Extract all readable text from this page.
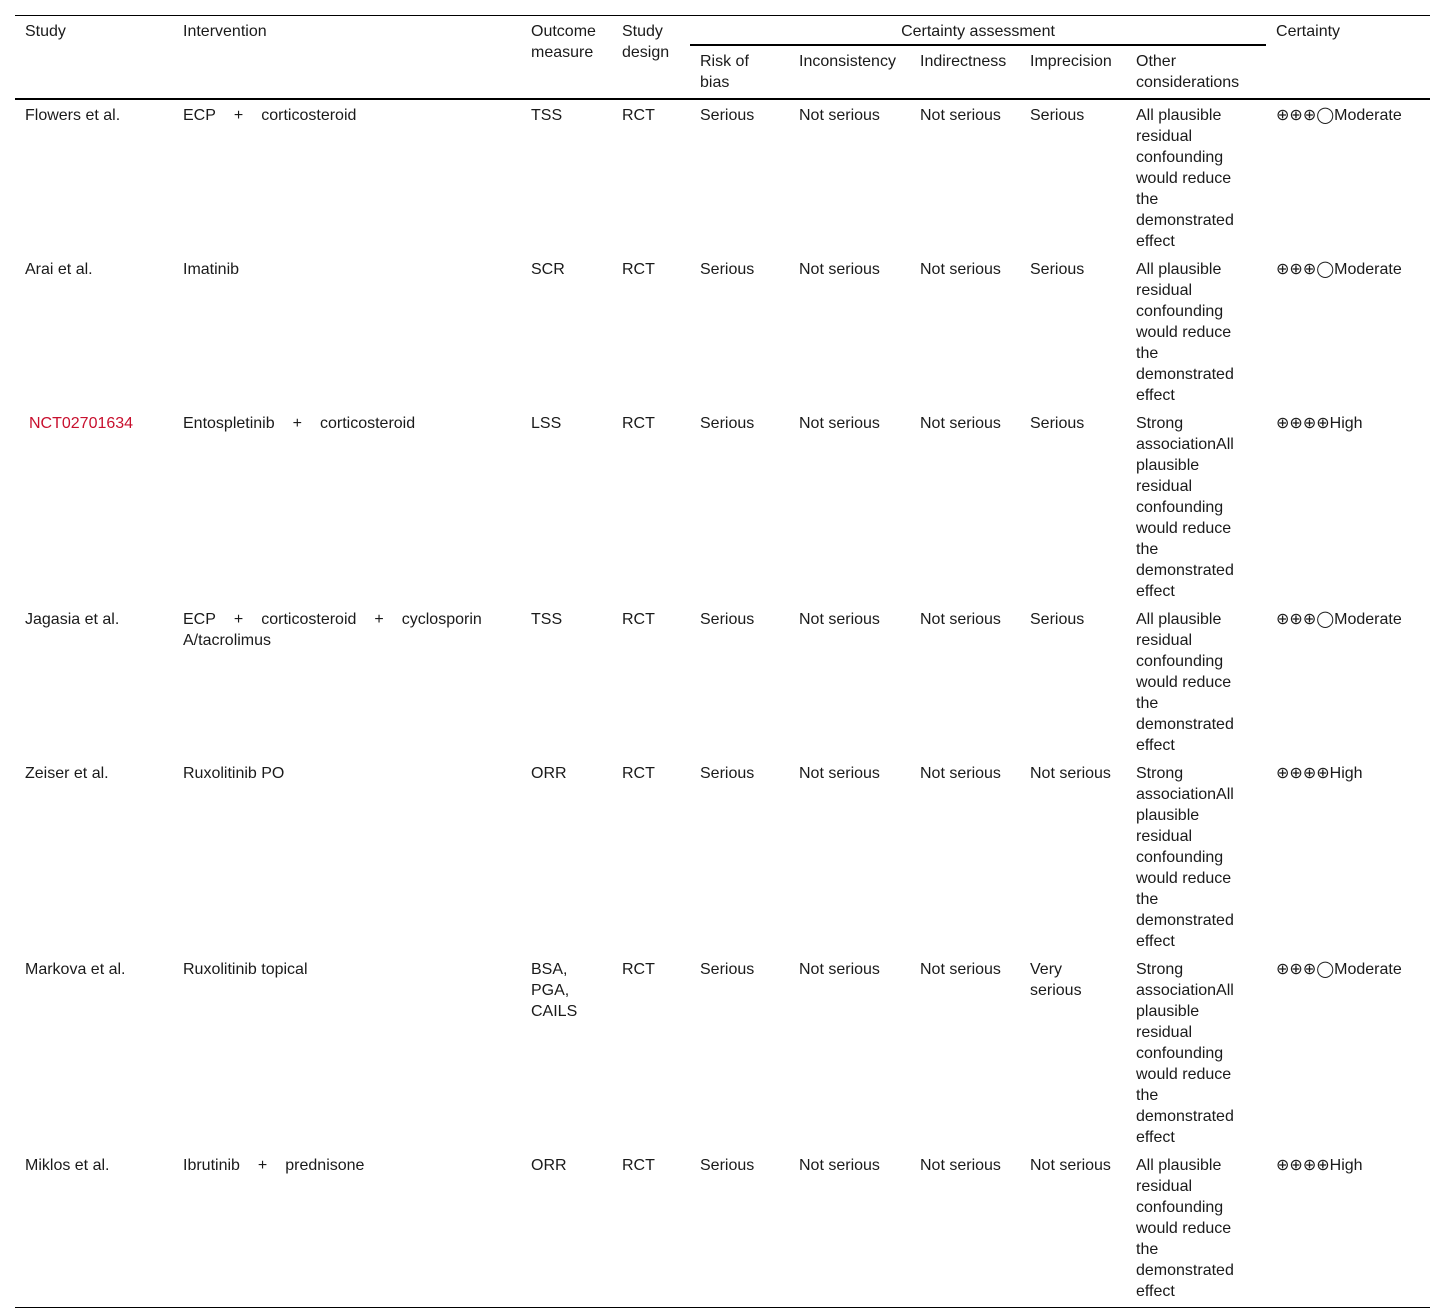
Study	Intervention	Outcome measure	Study design	Certainty assessment					Certainty
				Risk of bias	Inconsistency	Indirectness	Imprecision	Other considerations	
Flowers et al.	ECP + corticosteroid	TSS	RCT	Serious	Not serious	Not serious	Serious	All plausible residual confounding would reduce the demonstrated effect	⊕⊕⊕◯Moderate
Arai et al.	Imatinib	SCR	RCT	Serious	Not serious	Not serious	Serious	All plausible residual confounding would reduce the demonstrated effect	⊕⊕⊕◯Moderate
NCT02701634	Entospletinib + corticosteroid	LSS	RCT	Serious	Not serious	Not serious	Serious	Strong associationAll plausible residual confounding would reduce the demonstrated effect	⊕⊕⊕⊕High
Jagasia et al.	ECP + corticosteroid + cyclosporin A/tacrolimus	TSS	RCT	Serious	Not serious	Not serious	Serious	All plausible residual confounding would reduce the demonstrated effect	⊕⊕⊕◯Moderate
Zeiser et al.	Ruxolitinib PO	ORR	RCT	Serious	Not serious	Not serious	Not serious	Strong associationAll plausible residual confounding would reduce the demonstrated effect	⊕⊕⊕⊕High
Markova et al.	Ruxolitinib topical	BSA, PGA, CAILS	RCT	Serious	Not serious	Not serious	Very serious	Strong associationAll plausible residual confounding would reduce the demonstrated effect	⊕⊕⊕◯Moderate
Miklos et al.	Ibrutinib + prednisone	ORR	RCT	Serious	Not serious	Not serious	Not serious	All plausible residual confounding would reduce the demonstrated effect	⊕⊕⊕⊕High
